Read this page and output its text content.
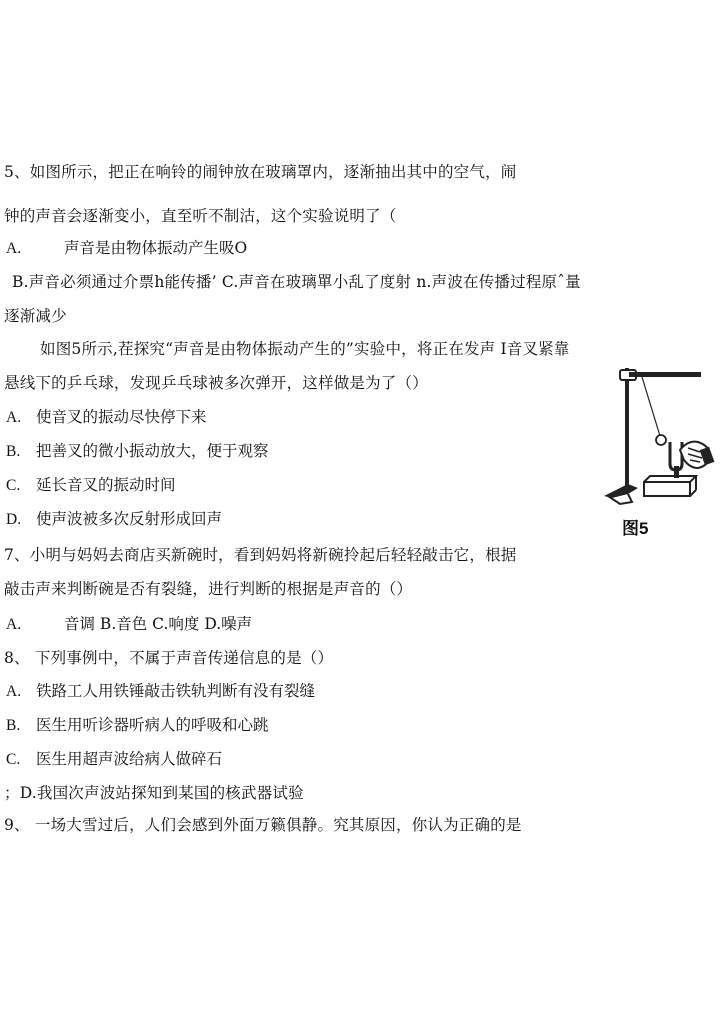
5、如图所示，把正在响铃的闹钟放在玻璃罩内，逐渐抽出其中的空气，闹
钟的声音会逐渐变小，直至听不制沽，这个实验说明了（
A.	声音是由物体振动产生吸O
B.声音必须通过介票h能传播’ C.声音在玻璃單小乱了度射 n.声波在传播过程原ˆ量
逐渐减少
如图5所示,茬探究“声音是由物体振动产生的”实验中，将正在发声 I音叉紧靠
悬线下的乒乓球，发现乒乓球被多次弹开，这样做是为了（）
A. 使音叉的振动尽快停下来
B.	把善叉的微小振动放大，便于观察
C.	延长音叉的振动时间
D. 使声波被多次反射形成回声	图5
7、小明与妈妈去商店买新碗时，看到妈妈将新碗拎起后轻轻敲击它，根据
敲击声来判断碗是否有裂缝，进行判断的根据是声音的（）
A.	音调 B.音色 C.响度 D.噪声
8、 下列事例中，不属于声音传递信息的是（）
A. 铁路工人用铁锤敲击铁轨判断有没有裂缝
B.	医生用听诊器听病人的呼吸和心跳
C.	医生用超声波给病人做碎石
；D.我国次声波站探知到某国的核武器试验
9、 一场大雪过后，人们会感到外面万籁俱静。究其原因，你认为正确的是
